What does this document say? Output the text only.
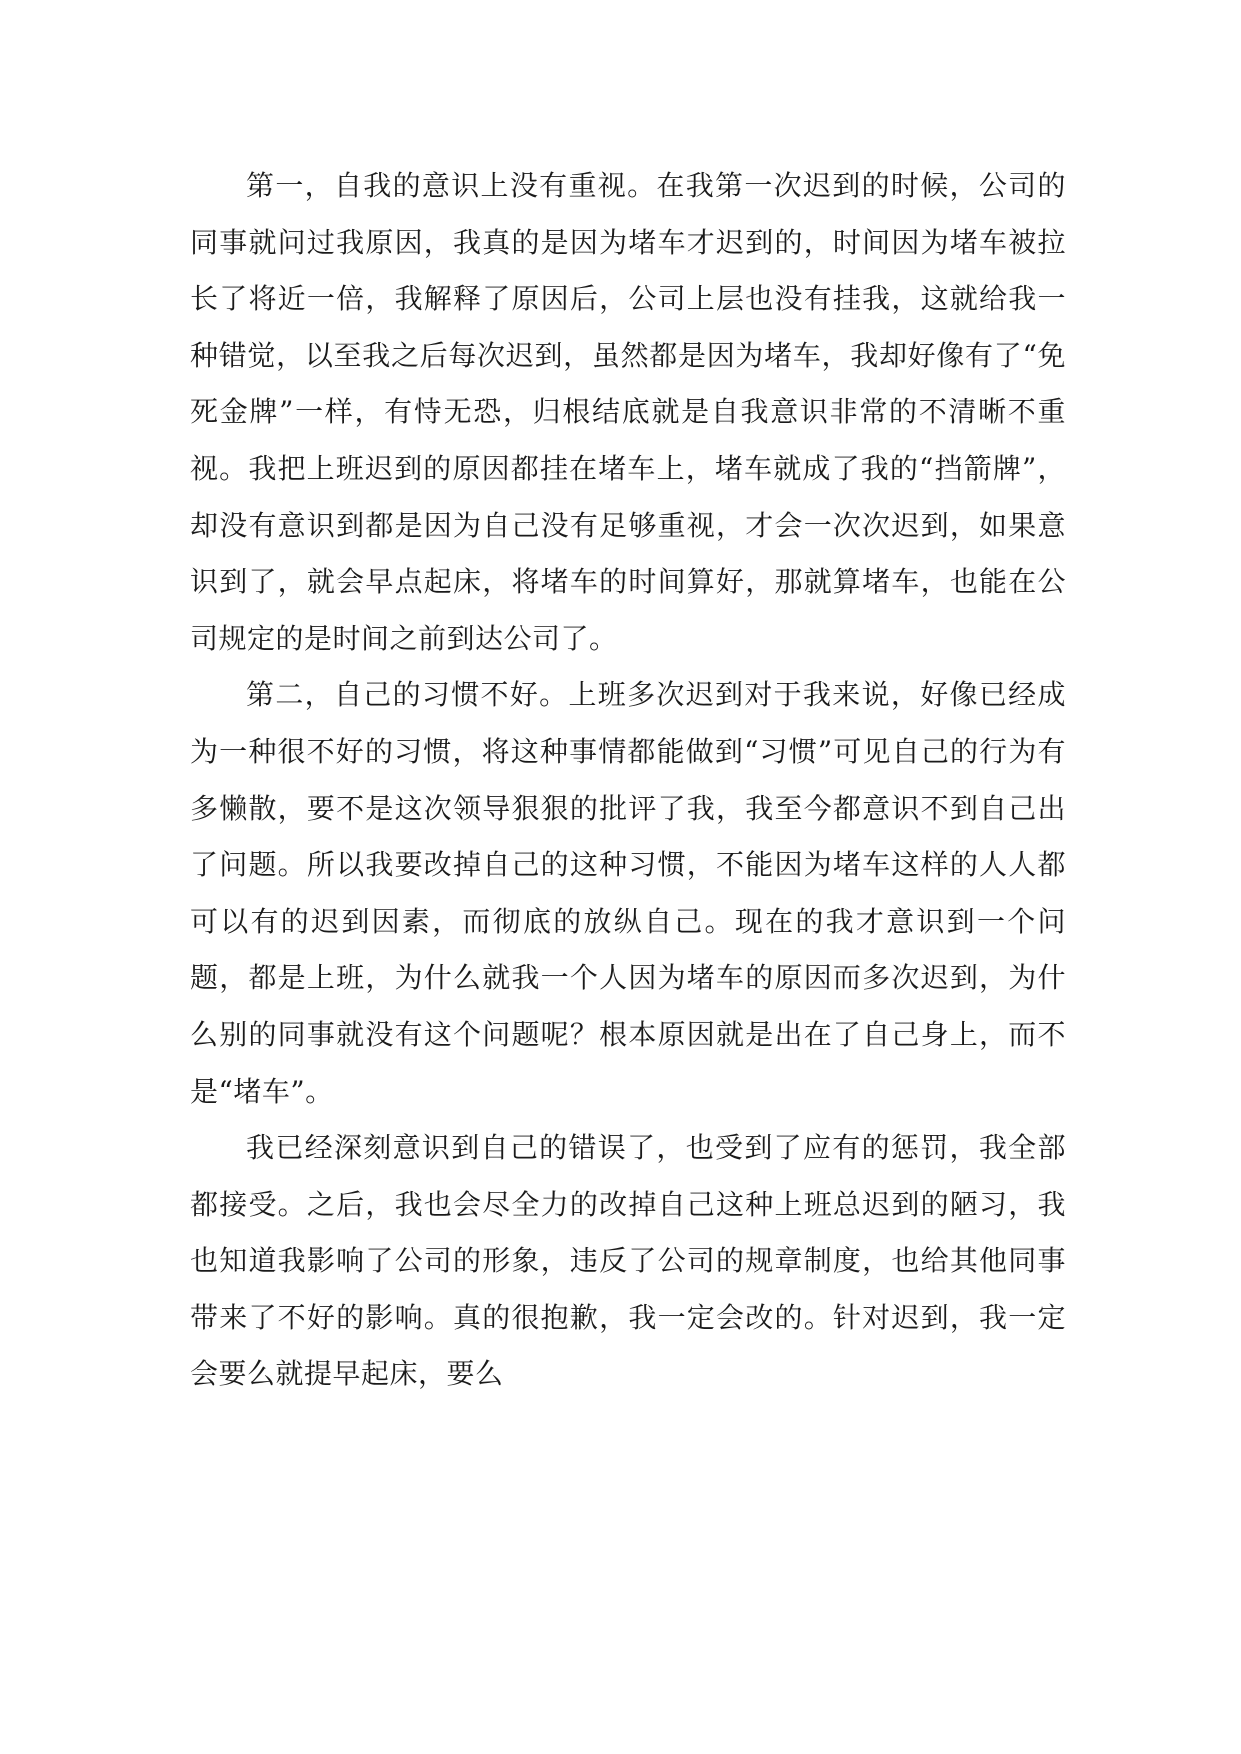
第一，自我的意识上没有重视。在我第一次迟到的时候，公司的同事就问过我原因，我真的是因为堵车才迟到的，时间因为堵车被拉长了将近一倍，我解释了原因后，公司上层也没有挂我，这就给我一种错觉，以至我之后每次迟到，虽然都是因为堵车，我却好像有了“免死金牌”一样，有恃无恐，归根结底就是自我意识非常的不清晰不重视。我把上班迟到的原因都挂在堵车上，堵车就成了我的“挡箭牌”，却没有意识到都是因为自己没有足够重视，才会一次次迟到，如果意识到了，就会早点起床，将堵车的时间算好，那就算堵车，也能在公司规定的是时间之前到达公司了。

第二，自己的习惯不好。上班多次迟到对于我来说，好像已经成为一种很不好的习惯，将这种事情都能做到“习惯”可见自己的行为有多懒散，要不是这次领导狠狠的批评了我，我至今都意识不到自己出了问题。所以我要改掉自己的这种习惯，不能因为堵车这样的人人都可以有的迟到因素，而彻底的放纵自己。现在的我才意识到一个问题，都是上班，为什么就我一个人因为堵车的原因而多次迟到，为什么别的同事就没有这个问题呢？根本原因就是出在了自己身上，而不是“堵车”。

我已经深刻意识到自己的错误了，也受到了应有的惩罚，我全部都接受。之后，我也会尽全力的改掉自己这种上班总迟到的陋习，我也知道我影响了公司的形象，违反了公司的规章制度，也给其他同事带来了不好的影响。真的很抱歉，我一定会改的。针对迟到，我一定会要么就提早起床，要么
